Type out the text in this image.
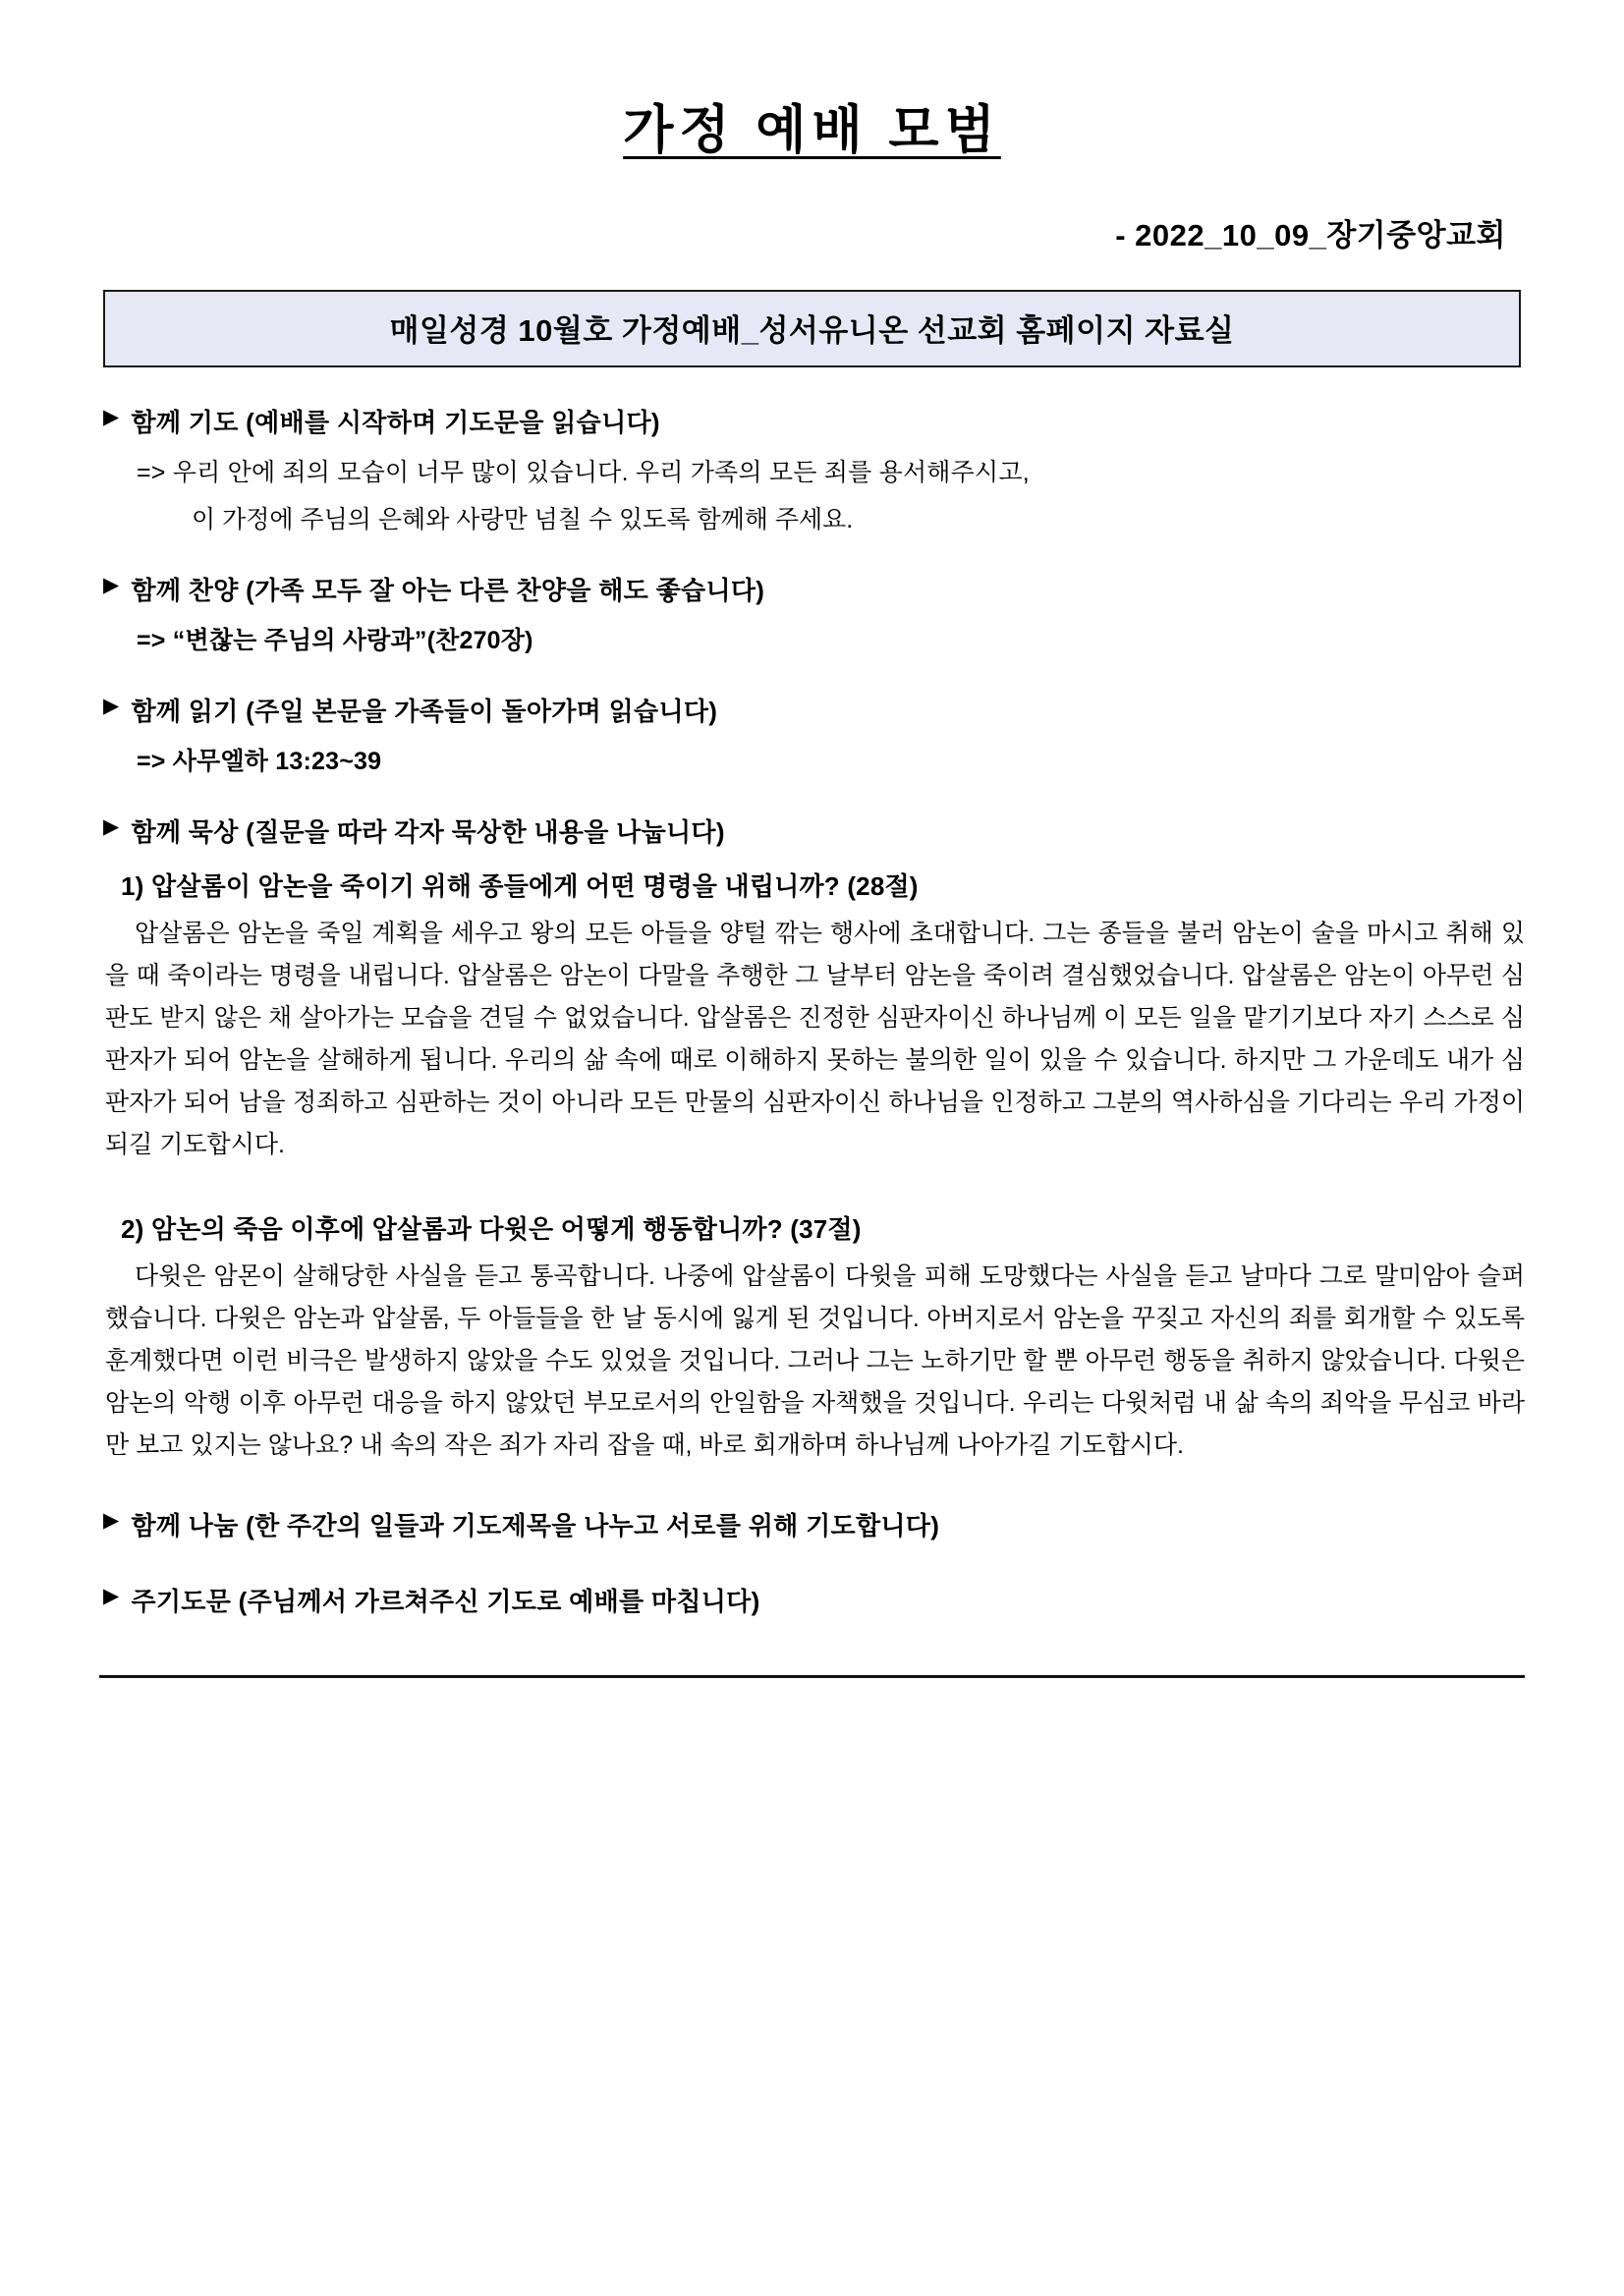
가정 예배 모범
- 2022_10_09_장기중앙교회
매일성경 10월호 가정예배_성서유니온 선교회 홈페이지 자료실
▶ 함께 기도 (예배를 시작하며 기도문을 읽습니다)
=> 우리 안에 죄의 모습이 너무 많이 있습니다. 우리 가족의 모든 죄를 용서해주시고,
이 가정에 주님의 은혜와 사랑만 넘칠 수 있도록 함께해 주세요.
▶ 함께 찬양 (가족 모두 잘 아는 다른 찬양을 해도 좋습니다)
=> “변찮는 주님의 사랑과”(찬270장)
▶ 함께 읽기 (주일 본문을 가족들이 돌아가며 읽습니다)
=> 사무엘하 13:23~39
▶ 함께 묵상 (질문을 따라 각자 묵상한 내용을 나눕니다)
1) 압살롬이 암논을 죽이기 위해 종들에게 어떤 명령을 내립니까? (28절)
압살롬은 암논을 죽일 계획을 세우고 왕의 모든 아들을 양털 깎는 행사에 초대합니다. 그는 종들을 불러 암논이 술을 마시고 취해 있을 때 죽이라는 명령을 내립니다. 압살롬은 암논이 다말을 추행한 그 날부터 암논을 죽이려 결심했었습니다. 압살롬은 암논이 아무런 심판도 받지 않은 채 살아가는 모습을 견딜 수 없었습니다. 압살롬은 진정한 심판자이신 하나님께 이 모든 일을 맡기기보다 자기 스스로 심판자가 되어 암논을 살해하게 됩니다. 우리의 삶 속에 때로 이해하지 못하는 불의한 일이 있을 수 있습니다. 하지만 그 가운데도 내가 심판자가 되어 남을 정죄하고 심판하는 것이 아니라 모든 만물의 심판자이신 하나님을 인정하고 그분의 역사하심을 기다리는 우리 가정이 되길 기도합시다.
2) 암논의 죽음 이후에 압살롬과 다윗은 어떻게 행동합니까? (37절)
다윗은 암몬이 살해당한 사실을 듣고 통곡합니다. 나중에 압살롬이 다윗을 피해 도망했다는 사실을 듣고 날마다 그로 말미암아 슬퍼했습니다. 다윗은 암논과 압살롬, 두 아들들을 한 날 동시에 잃게 된 것입니다. 아버지로서 암논을 꾸짖고 자신의 죄를 회개할 수 있도록 훈계했다면 이런 비극은 발생하지 않았을 수도 있었을 것입니다. 그러나 그는 노하기만 할 뿐 아무런 행동을 취하지 않았습니다. 다윗은 암논의 악행 이후 아무런 대응을 하지 않았던 부모로서의 안일함을 자책했을 것입니다. 우리는 다윗처럼 내 삶 속의 죄악을 무심코 바라만 보고 있지는 않나요? 내 속의 작은 죄가 자리 잡을 때, 바로 회개하며 하나님께 나아가길 기도합시다.
▶ 함께 나눔 (한 주간의 일들과 기도제목을 나누고 서로를 위해 기도합니다)
▶ 주기도문 (주님께서 가르쳐주신 기도로 예배를 마칩니다)
